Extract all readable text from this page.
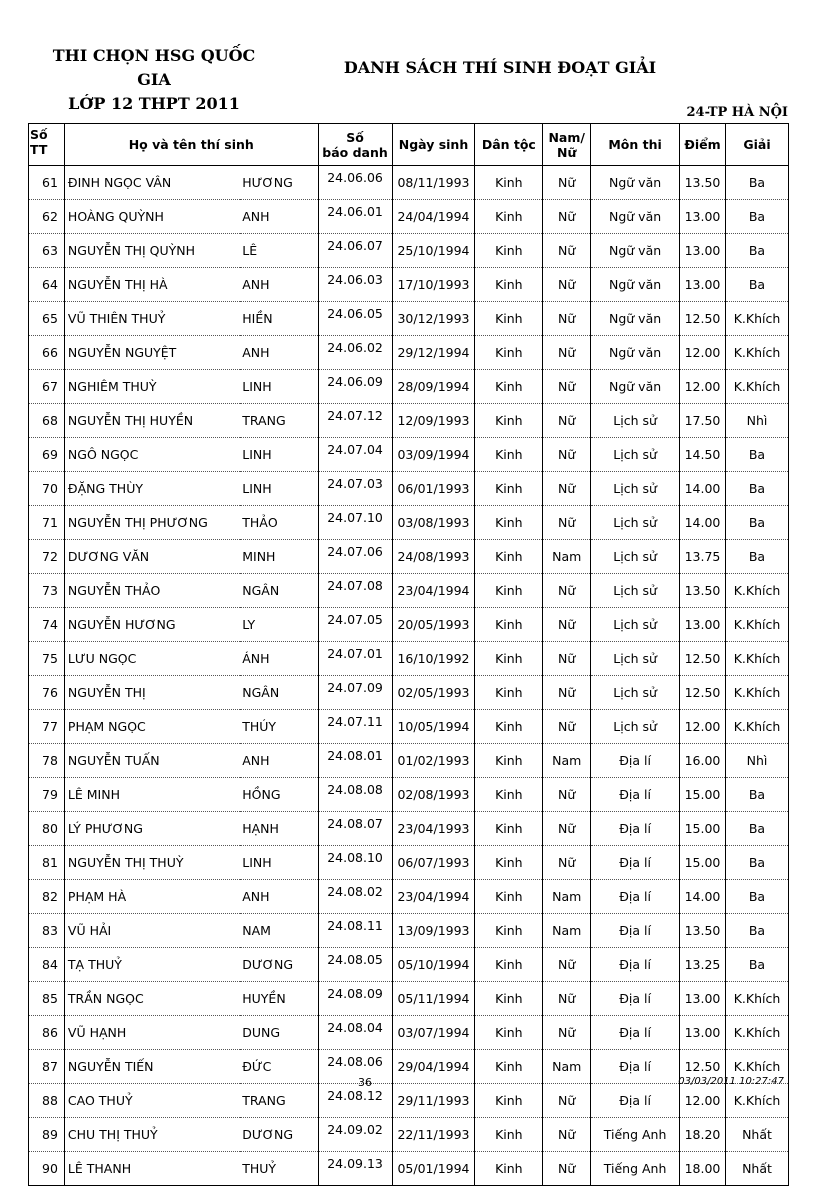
THI CHỌN HSG QUỐC GIA
LỚP 12 THPT 2011
DANH SÁCH THÍ SINH ĐOẠT GIẢI
24-TP HÀ NỘI
Số TT	Họ và tên thí sinh		Số
báo danh	Ngày sinh	Dân tộc	Nam/
Nữ	Môn thi	Điểm	Giải
61	ĐINH NGỌC VÂN	HƯƠNG	24.06.06	08/11/1993	Kinh	Nữ	Ngữ văn	13.50	Ba
62	HOÀNG QUỲNH	ANH	24.06.01	24/04/1994	Kinh	Nữ	Ngữ văn	13.00	Ba
63	NGUYỄN THỊ QUỲNH	LÊ	24.06.07	25/10/1994	Kinh	Nữ	Ngữ văn	13.00	Ba
64	NGUYỄN THỊ HÀ	ANH	24.06.03	17/10/1993	Kinh	Nữ	Ngữ văn	13.00	Ba
65	VŨ THIÊN THUỶ	HIỀN	24.06.05	30/12/1993	Kinh	Nữ	Ngữ văn	12.50	K.Khích
66	NGUYỄN NGUYỆT	ANH	24.06.02	29/12/1994	Kinh	Nữ	Ngữ văn	12.00	K.Khích
67	NGHIÊM THUỲ	LINH	24.06.09	28/09/1994	Kinh	Nữ	Ngữ văn	12.00	K.Khích
68	NGUYỄN THỊ HUYỀN	TRANG	24.07.12	12/09/1993	Kinh	Nữ	Lịch sử	17.50	Nhì
69	NGÔ NGỌC	LINH	24.07.04	03/09/1994	Kinh	Nữ	Lịch sử	14.50	Ba
70	ĐẶNG THÙY	LINH	24.07.03	06/01/1993	Kinh	Nữ	Lịch sử	14.00	Ba
71	NGUYỄN THỊ PHƯƠNG	THẢO	24.07.10	03/08/1993	Kinh	Nữ	Lịch sử	14.00	Ba
72	DƯƠNG VĂN	MINH	24.07.06	24/08/1993	Kinh	Nam	Lịch sử	13.75	Ba
73	NGUYỄN THẢO	NGÂN	24.07.08	23/04/1994	Kinh	Nữ	Lịch sử	13.50	K.Khích
74	NGUYỄN HƯƠNG	LY	24.07.05	20/05/1993	Kinh	Nữ	Lịch sử	13.00	K.Khích
75	LƯU NGỌC	ÁNH	24.07.01	16/10/1992	Kinh	Nữ	Lịch sử	12.50	K.Khích
76	NGUYỄN THỊ	NGÂN	24.07.09	02/05/1993	Kinh	Nữ	Lịch sử	12.50	K.Khích
77	PHẠM NGỌC	THÚY	24.07.11	10/05/1994	Kinh	Nữ	Lịch sử	12.00	K.Khích
78	NGUYỄN TUẤN	ANH	24.08.01	01/02/1993	Kinh	Nam	Địa lí	16.00	Nhì
79	LÊ MINH	HỒNG	24.08.08	02/08/1993	Kinh	Nữ	Địa lí	15.00	Ba
80	LÝ PHƯƠNG	HẠNH	24.08.07	23/04/1993	Kinh	Nữ	Địa lí	15.00	Ba
81	NGUYỄN THỊ THUỲ	LINH	24.08.10	06/07/1993	Kinh	Nữ	Địa lí	15.00	Ba
82	PHẠM HÀ	ANH	24.08.02	23/04/1994	Kinh	Nam	Địa lí	14.00	Ba
83	VŨ HẢI	NAM	24.08.11	13/09/1993	Kinh	Nam	Địa lí	13.50	Ba
84	TẠ THUỶ	DƯƠNG	24.08.05	05/10/1994	Kinh	Nữ	Địa lí	13.25	Ba
85	TRẦN NGỌC	HUYỀN	24.08.09	05/11/1994	Kinh	Nữ	Địa lí	13.00	K.Khích
86	VŨ HẠNH	DUNG	24.08.04	03/07/1994	Kinh	Nữ	Địa lí	13.00	K.Khích
87	NGUYỄN TIẾN	ĐỨC	24.08.06	29/04/1994	Kinh	Nam	Địa lí	12.50	K.Khích
88	CAO THUỶ	TRANG	24.08.12	29/11/1993	Kinh	Nữ	Địa lí	12.00	K.Khích
89	CHU THỊ THUỶ	DƯƠNG	24.09.02	22/11/1993	Kinh	Nữ	Tiếng Anh	18.20	Nhất
90	LÊ THANH	THUỶ	24.09.13	05/01/1994	Kinh	Nữ	Tiếng Anh	18.00	Nhất
36	03/03/2011 10:27:47
